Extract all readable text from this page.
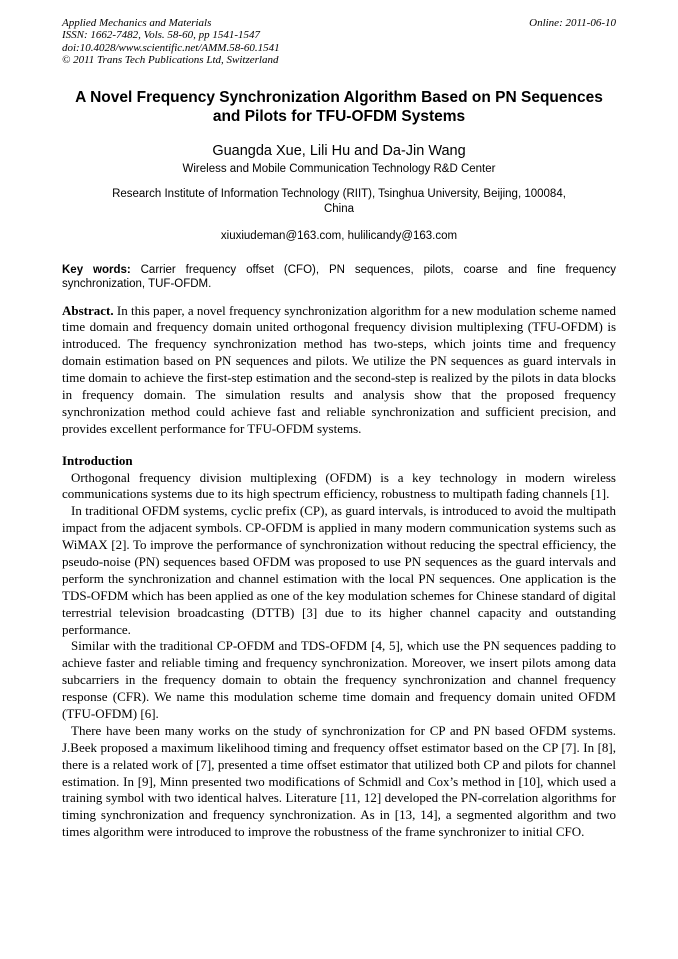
Applied Mechanics and Materials
ISSN: 1662-7482, Vols. 58-60, pp 1541-1547
doi:10.4028/www.scientific.net/AMM.58-60.1541
© 2011 Trans Tech Publications Ltd, Switzerland
Online: 2011-06-10
A Novel Frequency Synchronization Algorithm Based on PN Sequences
and Pilots for TFU-OFDM Systems
Guangda Xue, Lili Hu and Da-Jin Wang
Wireless and Mobile Communication Technology R&D Center
Research Institute of Information Technology (RIIT), Tsinghua University, Beijing, 100084,
China
xiuxiudeman@163.com, hulilicandy@163.com

Key words: Carrier frequency offset (CFO), PN sequences, pilots, coarse and fine frequency synchronization, TUF-OFDM.

Abstract. In this paper, a novel frequency synchronization algorithm for a new modulation scheme named time domain and frequency domain united orthogonal frequency division multiplexing (TFU-OFDM) is introduced. The frequency synchronization method has two-steps, which joints time and frequency domain estimation based on PN sequences and pilots. We utilize the PN sequences as guard intervals in time domain to achieve the first-step estimation and the second-step is realized by the pilots in data blocks in frequency domain. The simulation results and analysis show that the proposed frequency synchronization method could achieve fast and reliable synchronization and sufficient precision, and provides excellent performance for TFU-OFDM systems.

Introduction

Orthogonal frequency division multiplexing (OFDM) is a key technology in modern wireless communications systems due to its high spectrum efficiency, robustness to multipath fading channels [1].

In traditional OFDM systems, cyclic prefix (CP), as guard intervals, is introduced to avoid the multipath impact from the adjacent symbols. CP-OFDM is applied in many modern communication systems such as WiMAX [2]. To improve the performance of synchronization without reducing the spectral efficiency, the pseudo-noise (PN) sequences based OFDM was proposed to use PN sequences as the guard intervals and perform the synchronization and channel estimation with the local PN sequences. One application is the TDS-OFDM which has been applied as one of the key modulation schemes for Chinese standard of digital terrestrial television broadcasting (DTTB) [3] due to its higher channel capacity and outstanding performance.

Similar with the traditional CP-OFDM and TDS-OFDM [4, 5], which use the PN sequences padding to achieve faster and reliable timing and frequency synchronization. Moreover, we insert pilots among data subcarriers in the frequency domain to obtain the frequency synchronization and channel frequency response (CFR). We name this modulation scheme time domain and frequency domain united OFDM (TFU-OFDM) [6].

There have been many works on the study of synchronization for CP and PN based OFDM systems. J.Beek proposed a maximum likelihood timing and frequency offset estimator based on the CP [7]. In [8], there is a related work of [7], presented a time offset estimator that utilized both CP and pilots for channel estimation. In [9], Minn presented two modifications of Schmidl and Cox’s method in [10], which used a training symbol with two identical halves. Literature [11, 12] developed the PN-correlation algorithms for timing synchronization and frequency synchronization. As in [13, 14], a segmented algorithm and two times algorithm were introduced to improve the robustness of the frame synchronizer to initial CFO.
